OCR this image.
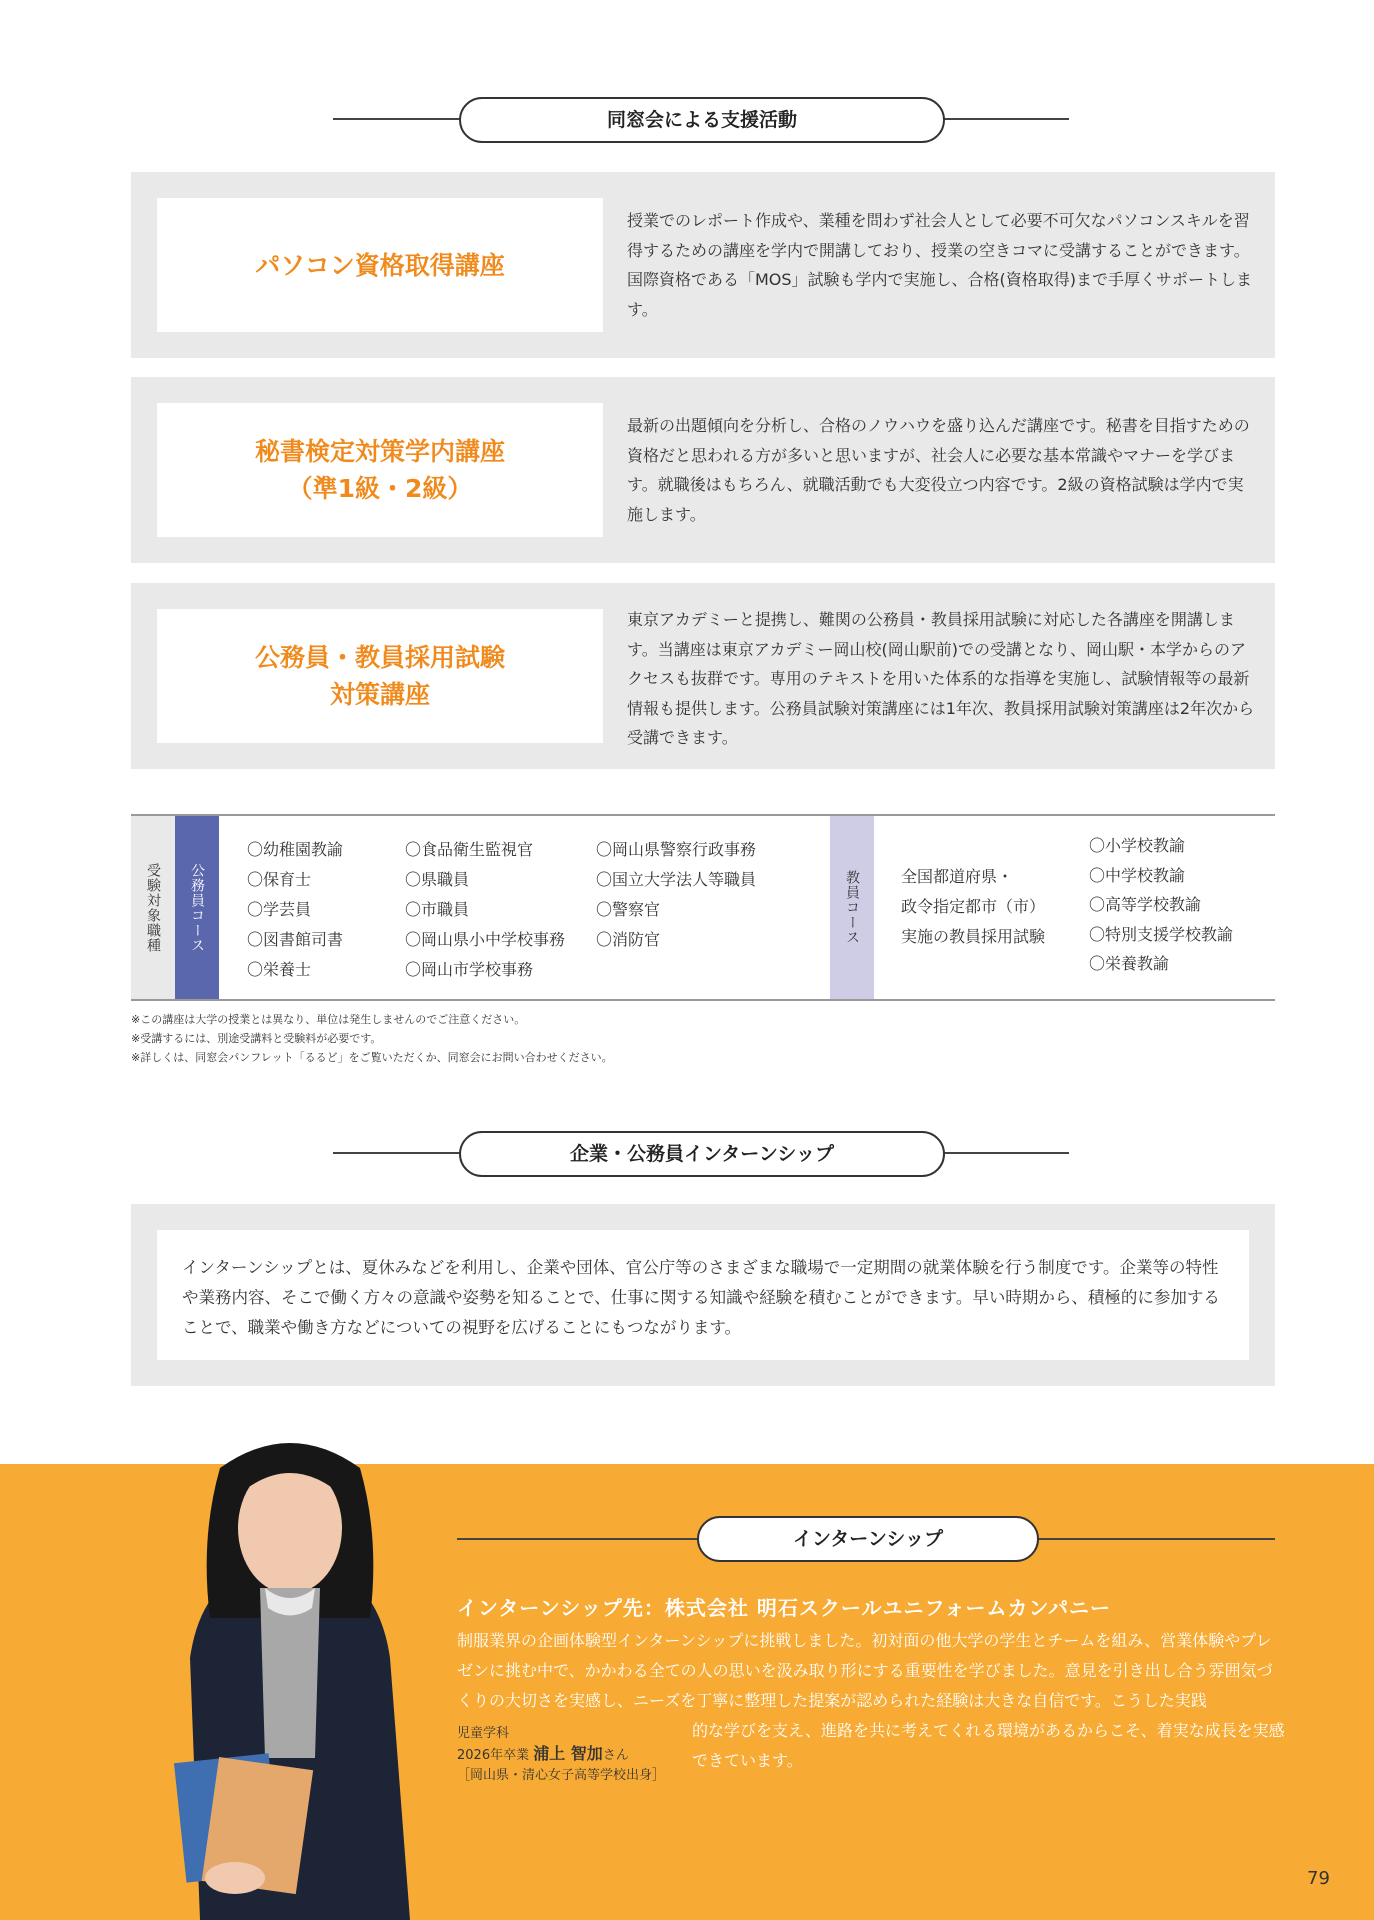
同窓会による支援活動
パソコン資格取得講座
授業でのレポート作成や、業種を問わず社会人として必要不可欠なパソコンスキルを習得するための講座を学内で開講しており、授業の空きコマに受講することができます。国際資格である「MOS」試験も学内で実施し、合格(資格取得)まで手厚くサポートします。
秘書検定対策学内講座
（準1級・2級）
最新の出題傾向を分析し、合格のノウハウを盛り込んだ講座です。秘書を目指すための資格だと思われる方が多いと思いますが、社会人に必要な基本常識やマナーを学びます。就職後はもちろん、就職活動でも大変役立つ内容です。2級の資格試験は学内で実施します。
公務員・教員採用試験
対策講座
東京アカデミーと提携し、難関の公務員・教員採用試験に対応した各講座を開講します。当講座は東京アカデミー岡山校(岡山駅前)での受講となり、岡山駅・本学からのアクセスも抜群です。専用のテキストを用いた体系的な指導を実施し、試験情報等の最新情報も提供します。公務員試験対策講座には1年次、教員採用試験対策講座は2年次から受講できます。
受験対象職種 公務員コース
〇幼稚園教諭
〇保育士
〇学芸員
〇図書館司書
〇栄養士
〇食品衛生監視官
〇県職員
〇市職員
〇岡山県小中学校事務
〇岡山市学校事務
〇岡山県警察行政事務
〇国立大学法人等職員
〇警察官
〇消防官	教員コース	全国都道府県・
政令指定都市（市）
実施の教員採用試験
〇小学校教諭
〇中学校教諭
〇高等学校教諭
〇特別支援学校教諭
〇栄養教諭
※この講座は大学の授業とは異なり、単位は発生しませんのでご注意ください。
※受講するには、別途受講料と受験料が必要です。
※詳しくは、同窓会パンフレット「るるど」をご覧いただくか、同窓会にお問い合わせください。
企業・公務員インターンシップ

インターンシップとは、夏休みなどを利用し、企業や団体、官公庁等のさまざまな職場で一定期間の就業体験を行う制度です。企業等の特性や業務内容、そこで働く方々の意識や姿勢を知ることで、仕事に関する知識や経験を積むことができます。早い時期から、積極的に参加することで、職業や働き方などについての視野を広げることにもつながります。

インターンシップ
インターンシップ先：株式会社 明石スクールユニフォームカンパニー
制服業界の企画体験型インターンシップに挑戦しました。初対面の他大学の学生とチームを組み、営業体験やプレゼンに挑む中で、かかわる全ての人の思いを汲み取り形にする重要性を学びました。意見を引き出し合う雰囲気づくりの大切さを実感し、ニーズを丁寧に整理した提案が認められた経験は大きな自信です。こうした実践
的な学びを支え、進路を共に考えてくれる環境があるからこそ、着実な成長を実感できています。
児童学科
2026年卒業 浦上 智加さん
［岡山県・清心女子高等学校出身］
79
